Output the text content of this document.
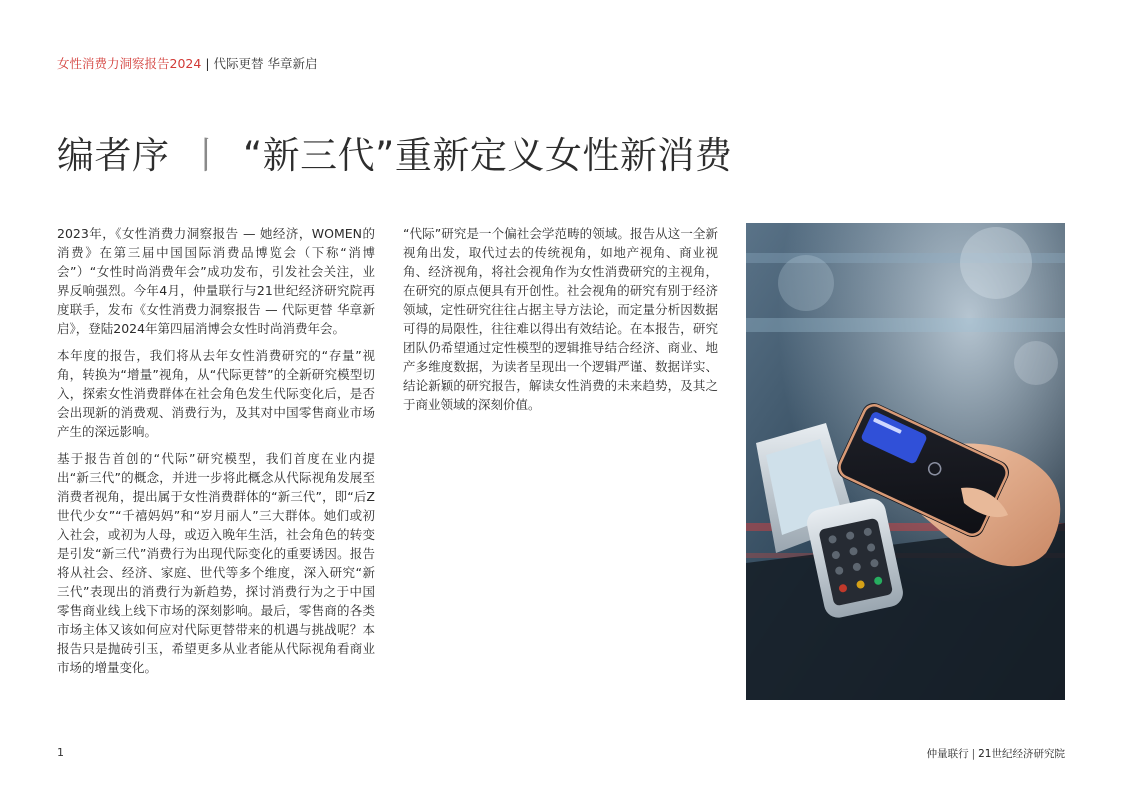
女性消费力洞察报告2024 | 代际更替 华章新启
编者序 丨 “新三代”重新定义女性新消费

2023年，《女性消费力洞察报告 — 她经济，WOMEN的消费》在第三届中国国际消费品博览会（下称“消博会”）“女性时尚消费年会”成功发布，引发社会关注，业界反响强烈。今年4月，仲量联行与21世纪经济研究院再度联手，发布《女性消费力洞察报告 — 代际更替 华章新启》，登陆2024年第四届消博会女性时尚消费年会。

本年度的报告，我们将从去年女性消费研究的“存量”视角，转换为“增量”视角，从“代际更替”的全新研究模型切入，探索女性消费群体在社会角色发生代际变化后，是否会出现新的消费观、消费行为，及其对中国零售商业市场产生的深远影响。

基于报告首创的“代际”研究模型，我们首度在业内提出“新三代”的概念，并进一步将此概念从代际视角发展至消费者视角，提出属于女性消费群体的“新三代”，即“后Z世代少女”“千禧妈妈”和“岁月丽人”三大群体。她们或初入社会，或初为人母，或迈入晚年生活，社会角色的转变是引发“新三代”消费行为出现代际变化的重要诱因。报告将从社会、经济、家庭、世代等多个维度，深入研究“新三代”表现出的消费行为新趋势，探讨消费行为之于中国零售商业线上线下市场的深刻影响。最后，零售商的各类市场主体又该如何应对代际更替带来的机遇与挑战呢？本报告只是抛砖引玉，希望更多从业者能从代际视角看商业市场的增量变化。

“代际”研究是一个偏社会学范畴的领域。报告从这一全新视角出发，取代过去的传统视角，如地产视角、商业视角、经济视角，将社会视角作为女性消费研究的主视角，在研究的原点便具有开创性。社会视角的研究有别于经济领域，定性研究往往占据主导方法论，而定量分析因数据可得的局限性，往往难以得出有效结论。在本报告，研究团队仍希望通过定性模型的逻辑推导结合经济、商业、地产多维度数据，为读者呈现出一个逻辑严谨、数据详实、结论新颖的研究报告，解读女性消费的未来趋势，及其之于商业领域的深刻价值。

1	仲量联行 | 21世纪经济研究院
